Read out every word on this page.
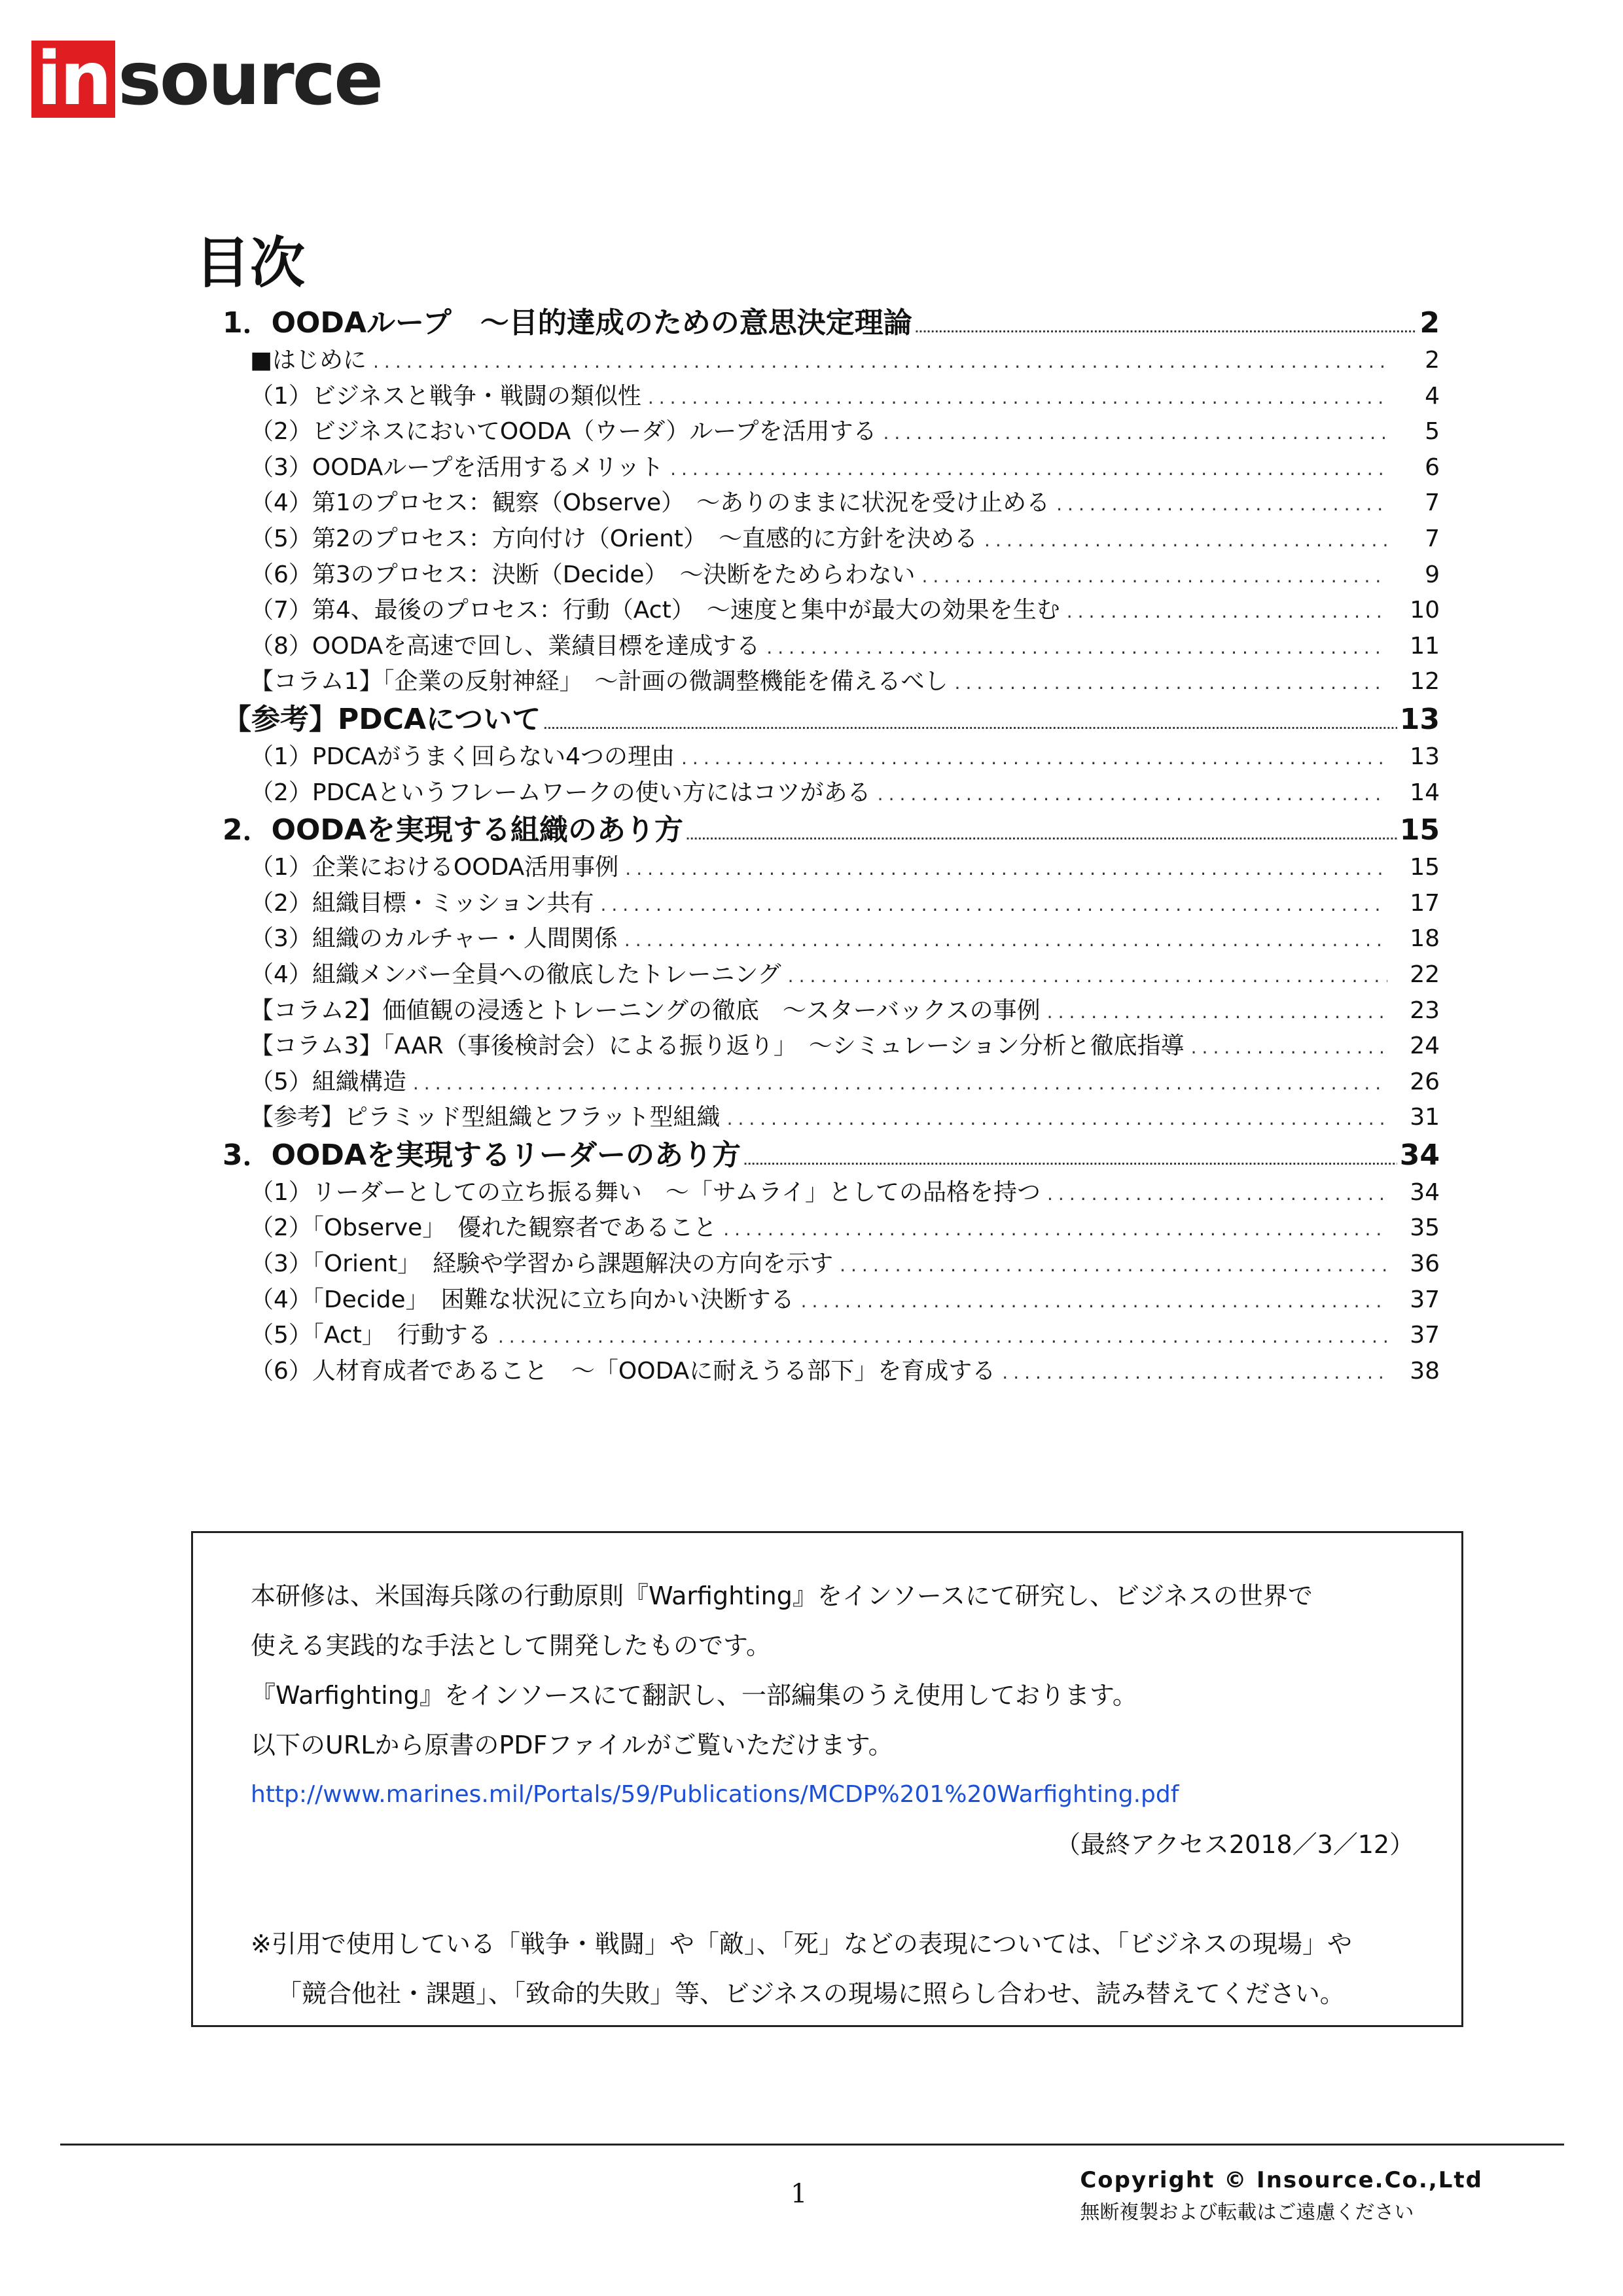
in source
目次
1．OODAループ　～目的達成のための意思決定理論 .....	2
■はじめに .....	2
（1）ビジネスと戦争・戦闘の類似性 .....	4
（2）ビジネスにおいてOODA（ウーダ）ループを活用する .....	5
（3）OODAループを活用するメリット .....	6
（4）第1のプロセス：観察（Observe）　～ありのままに状況を受け止める .....	7
（5）第2のプロセス：方向付け（Orient）　～直感的に方針を決める .....	7
（6）第3のプロセス：決断（Decide）　～決断をためらわない .....	9
（7）第4、最後のプロセス：行動（Act）　～速度と集中が最大の効果を生む .....	10
（8）OODAを高速で回し、業績目標を達成する .....	11
【コラム1】「企業の反射神経」　～計画の微調整機能を備えるべし .....	12
【参考】PDCAについて .....	13
（1）PDCAがうまく回らない4つの理由 .....	13
（2）PDCAというフレームワークの使い方にはコツがある .....	14
2．OODAを実現する組織のあり方 .....	15
（1）企業におけるOODA活用事例 .....	15
（2）組織目標・ミッション共有 .....	17
（3）組織のカルチャー・人間関係 .....	18
（4）組織メンバー全員への徹底したトレーニング .....	22
【コラム2】価値観の浸透とトレーニングの徹底　～スターバックスの事例 .....	23
【コラム3】「AAR（事後検討会）による振り返り」　～シミュレーション分析と徹底指導 .....	24
（5）組織構造 .....	26
【参考】ピラミッド型組織とフラット型組織 .....	31
3．OODAを実現するリーダーのあり方 .....	34
（1）リーダーとしての立ち振る舞い　～「サムライ」としての品格を持つ .....	34
（2）「Observe」　優れた観察者であること .....	35
（3）「Orient」　経験や学習から課題解決の方向を示す .....	36
（4）「Decide」　困難な状況に立ち向かい決断する .....	37
（5）「Act」　行動する .....	37
（6）人材育成者であること　～「OODAに耐えうる部下」を育成する .....	38
本研修は、米国海兵隊の行動原則『Warfighting』をインソースにて研究し、ビジネスの世界で
使える実践的な手法として開発したものです。
『Warfighting』をインソースにて翻訳し、一部編集のうえ使用しております。
以下のURLから原書のPDFファイルがご覧いただけます。
http://www.marines.mil/Portals/59/Publications/MCDP%201%20Warfighting.pdf
（最終アクセス2018／3／12）
※引用で使用している「戦争・戦闘」や「敵」、「死」などの表現については、「ビジネスの現場」や
「競合他社・課題」、「致命的失敗」等、ビジネスの現場に照らし合わせ、読み替えてください。
1	Copyright © Insource.Co.,Ltd
無断複製および転載はご遠慮ください
